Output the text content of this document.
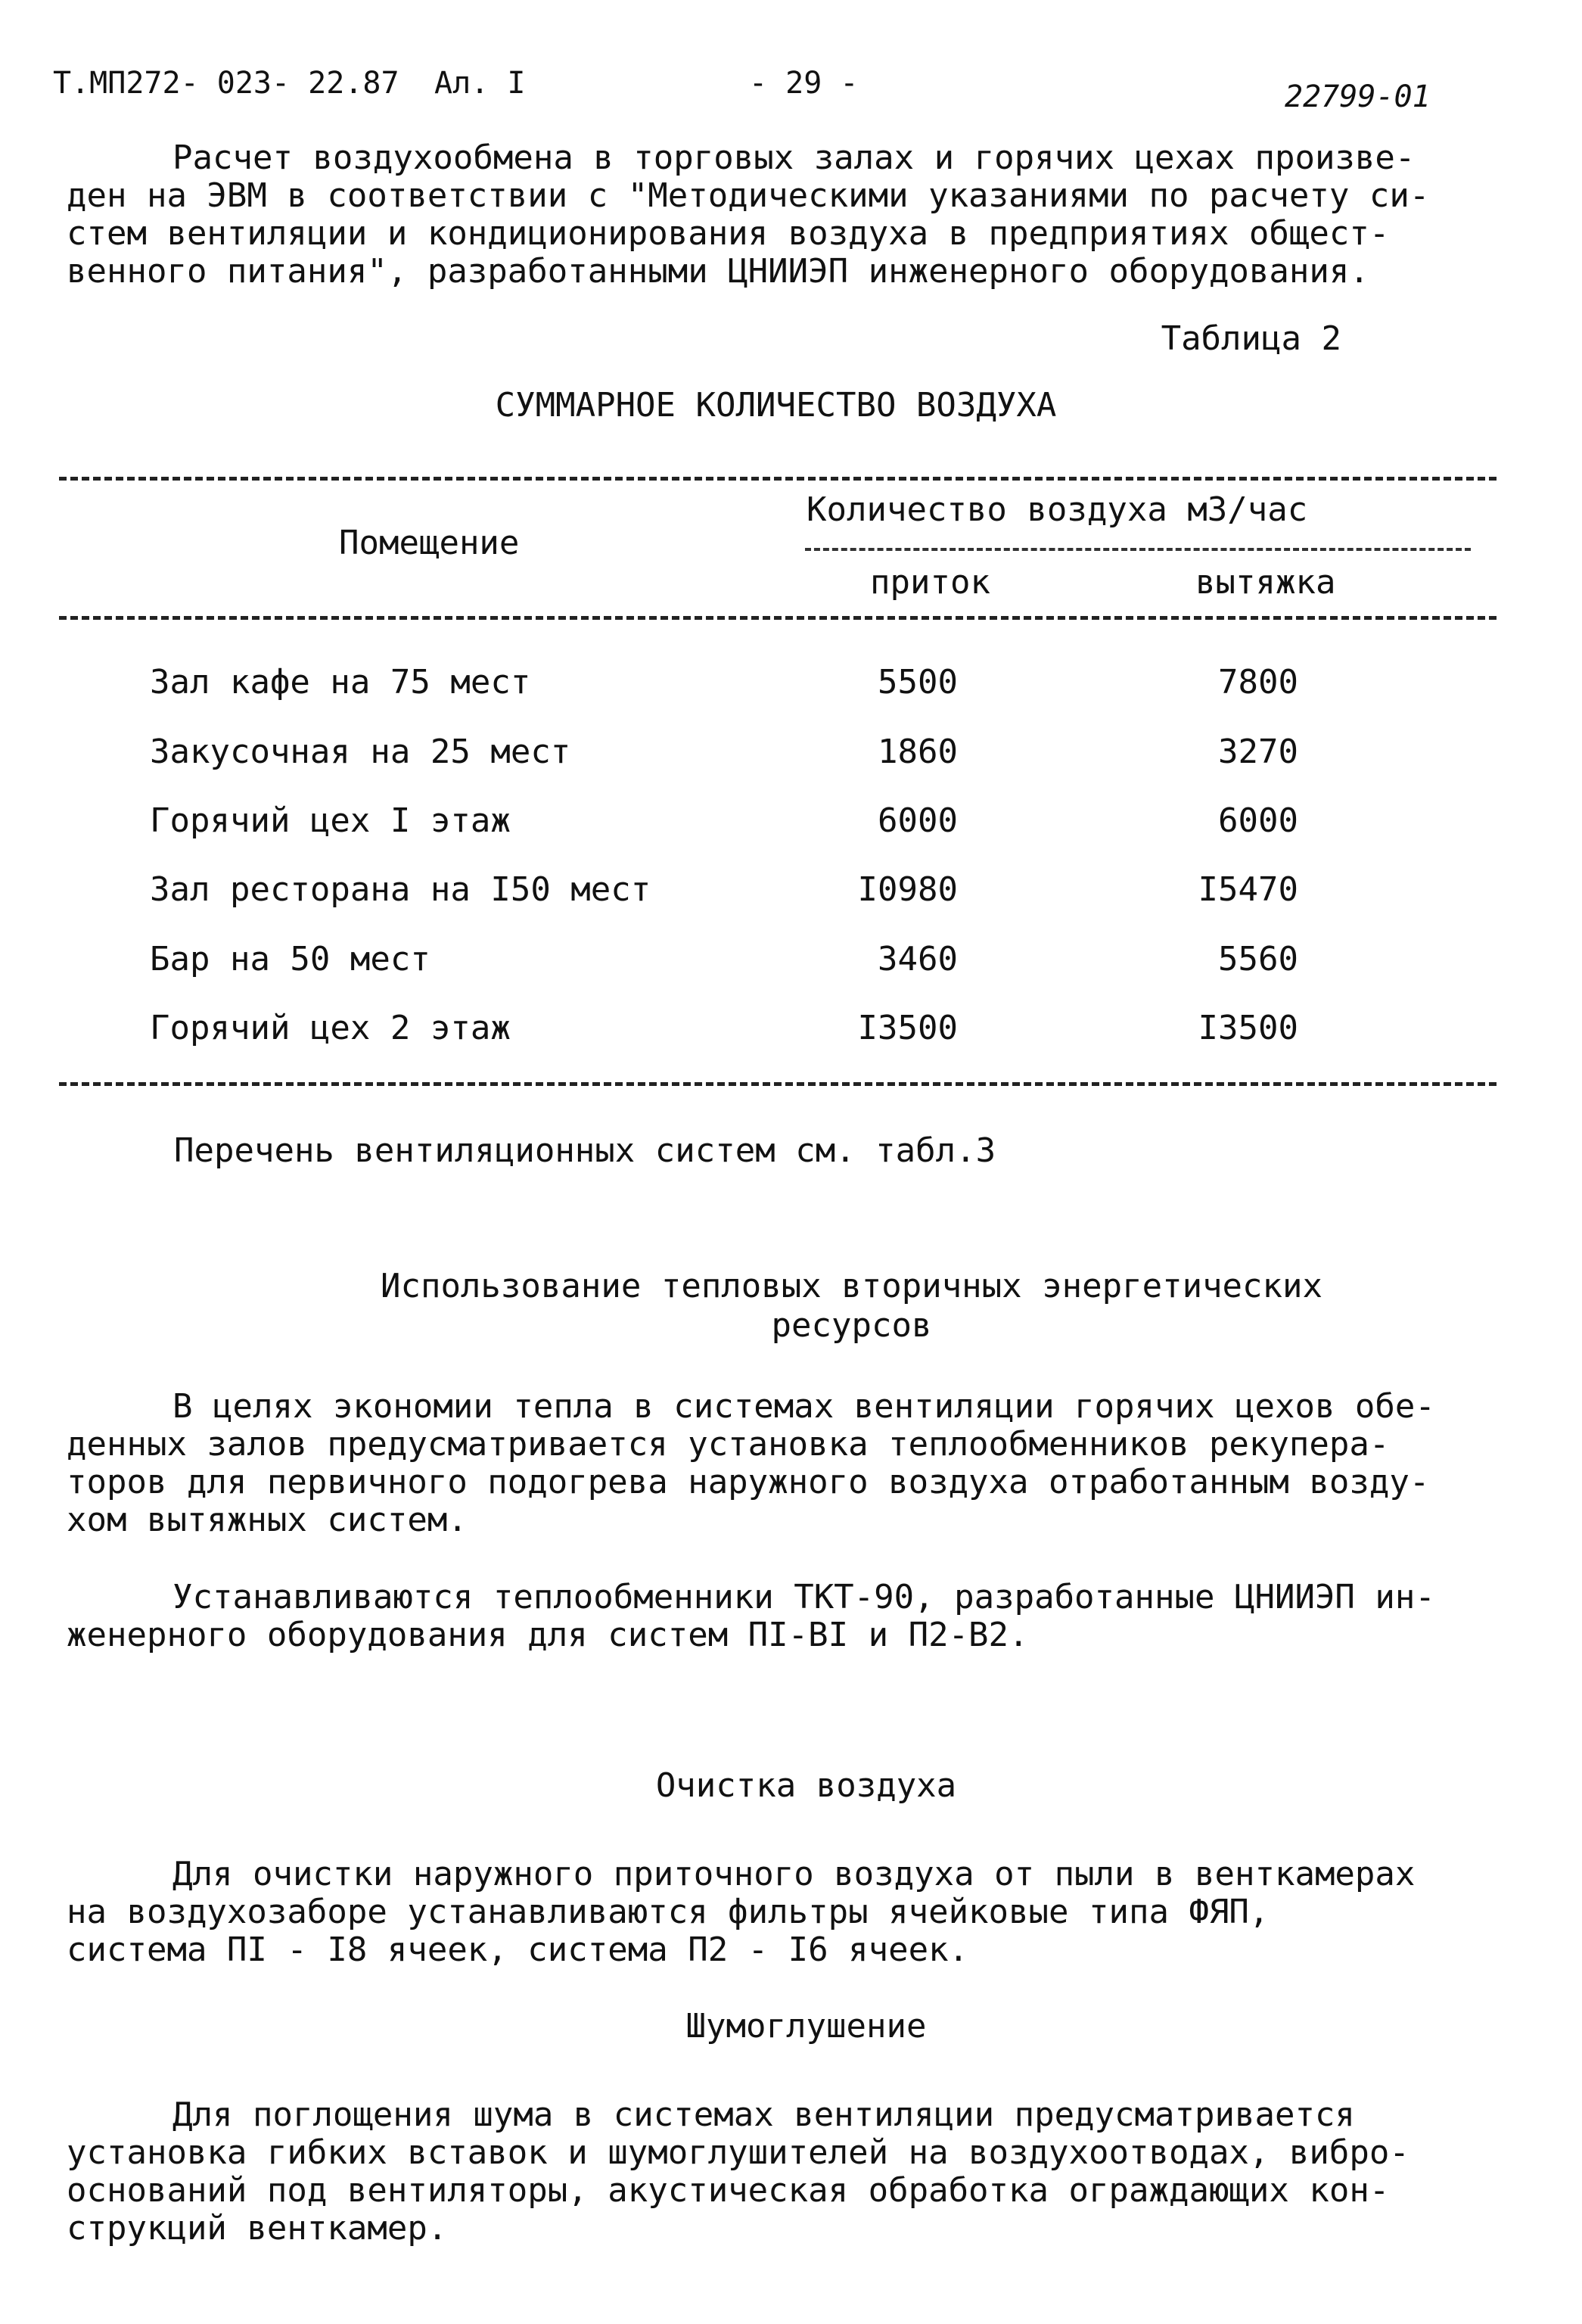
Т.МП272- 023- 22.87 Ал. I	- 29 -	22799-01
Расчет воздухообмена в торговых залах и горячих цехах произве-
ден на ЭВМ в соответствии с "Методическими указаниями по расчету си-
стем вентиляции и кондиционирования воздуха в предприятиях общест-
венного питания", разработанными ЦНИИЭП инженерного оборудования.
Таблица 2
СУММАРНОЕ КОЛИЧЕСТВО ВОЗДУХА
Помещение
Количество воздуха м3/час
приток	вытяжка
Зал кафе на 75 мест	5500	7800
Закусочная на 25 мест	1860	3270
Горячий цех I этаж	6000	6000
Зал ресторана на I50 мест	I0980	I5470
Бар на 50 мест	3460	5560
Горячий цех 2 этаж	I3500	I3500
Перечень вентиляционных систем см. табл.3
Использование тепловых вторичных энергетических
ресурсов
В целях экономии тепла в системах вентиляции горячих цехов обе-
денных залов предусматривается установка теплообменников рекупера-
торов для первичного подогрева наружного воздуха отработанным возду-
хом вытяжных систем.
Устанавливаются теплообменники ТКТ-90, разработанные ЦНИИЭП ин-
женерного оборудования для систем ПI-ВI и П2-В2.
Очистка воздуха
Для очистки наружного приточного воздуха от пыли в венткамерах
на воздухозаборе устанавливаются фильтры ячейковые типа ФЯП,
система ПI - I8 ячеек, система П2 - I6 ячеек.
Шумоглушение
Для поглощения шума в системах вентиляции предусматривается
установка гибких вставок и шумоглушителей на воздухоотводах, вибро-
оснований под вентиляторы, акустическая обработка ограждающих кон-
струкций венткамер.
